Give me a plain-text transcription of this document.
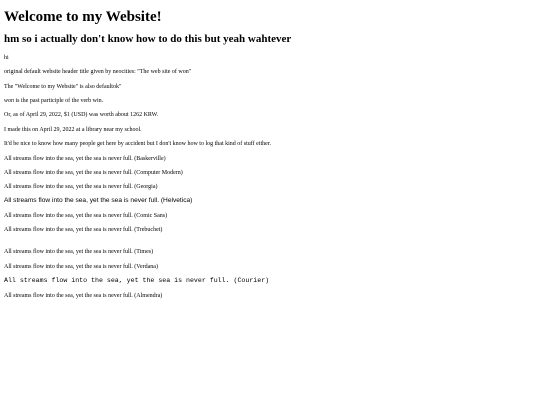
Welcome to my Website!
hm so i actually don't know how to do this but yeah wahtever

hi

original default website header title given by neocities: "The web site of won"

The "Welcome to my Website" is also defaultok"

won is the past participle of the verb win.

Or, as of April 29, 2022, $1 (USD) was worth about 1262 KRW.

I made this on April 29, 2022 at a library near my school.

It'd be nice to know how many people get here by accident but I don't know how to log that kind of stuff either.

All streams flow into the sea, yet the sea is never full. (Baskerville)

All streams flow into the sea, yet the sea is never full. (Computer Modern)

All streams flow into the sea, yet the sea is never full. (Georgia)

All streams flow into the sea, yet the sea is never full. (Helvetica)

All streams flow into the sea, yet the sea is never full. (Comic Sans)

All streams flow into the sea, yet the sea is never full. (Trebuchet)

All streams flow into the sea, yet the sea is never full. (Times)

All streams flow into the sea, yet the sea is never full. (Verdana)

All streams flow into the sea, yet the sea is never full. (Courier)

All streams flow into the sea, yet the sea is never full. (Almendra)
